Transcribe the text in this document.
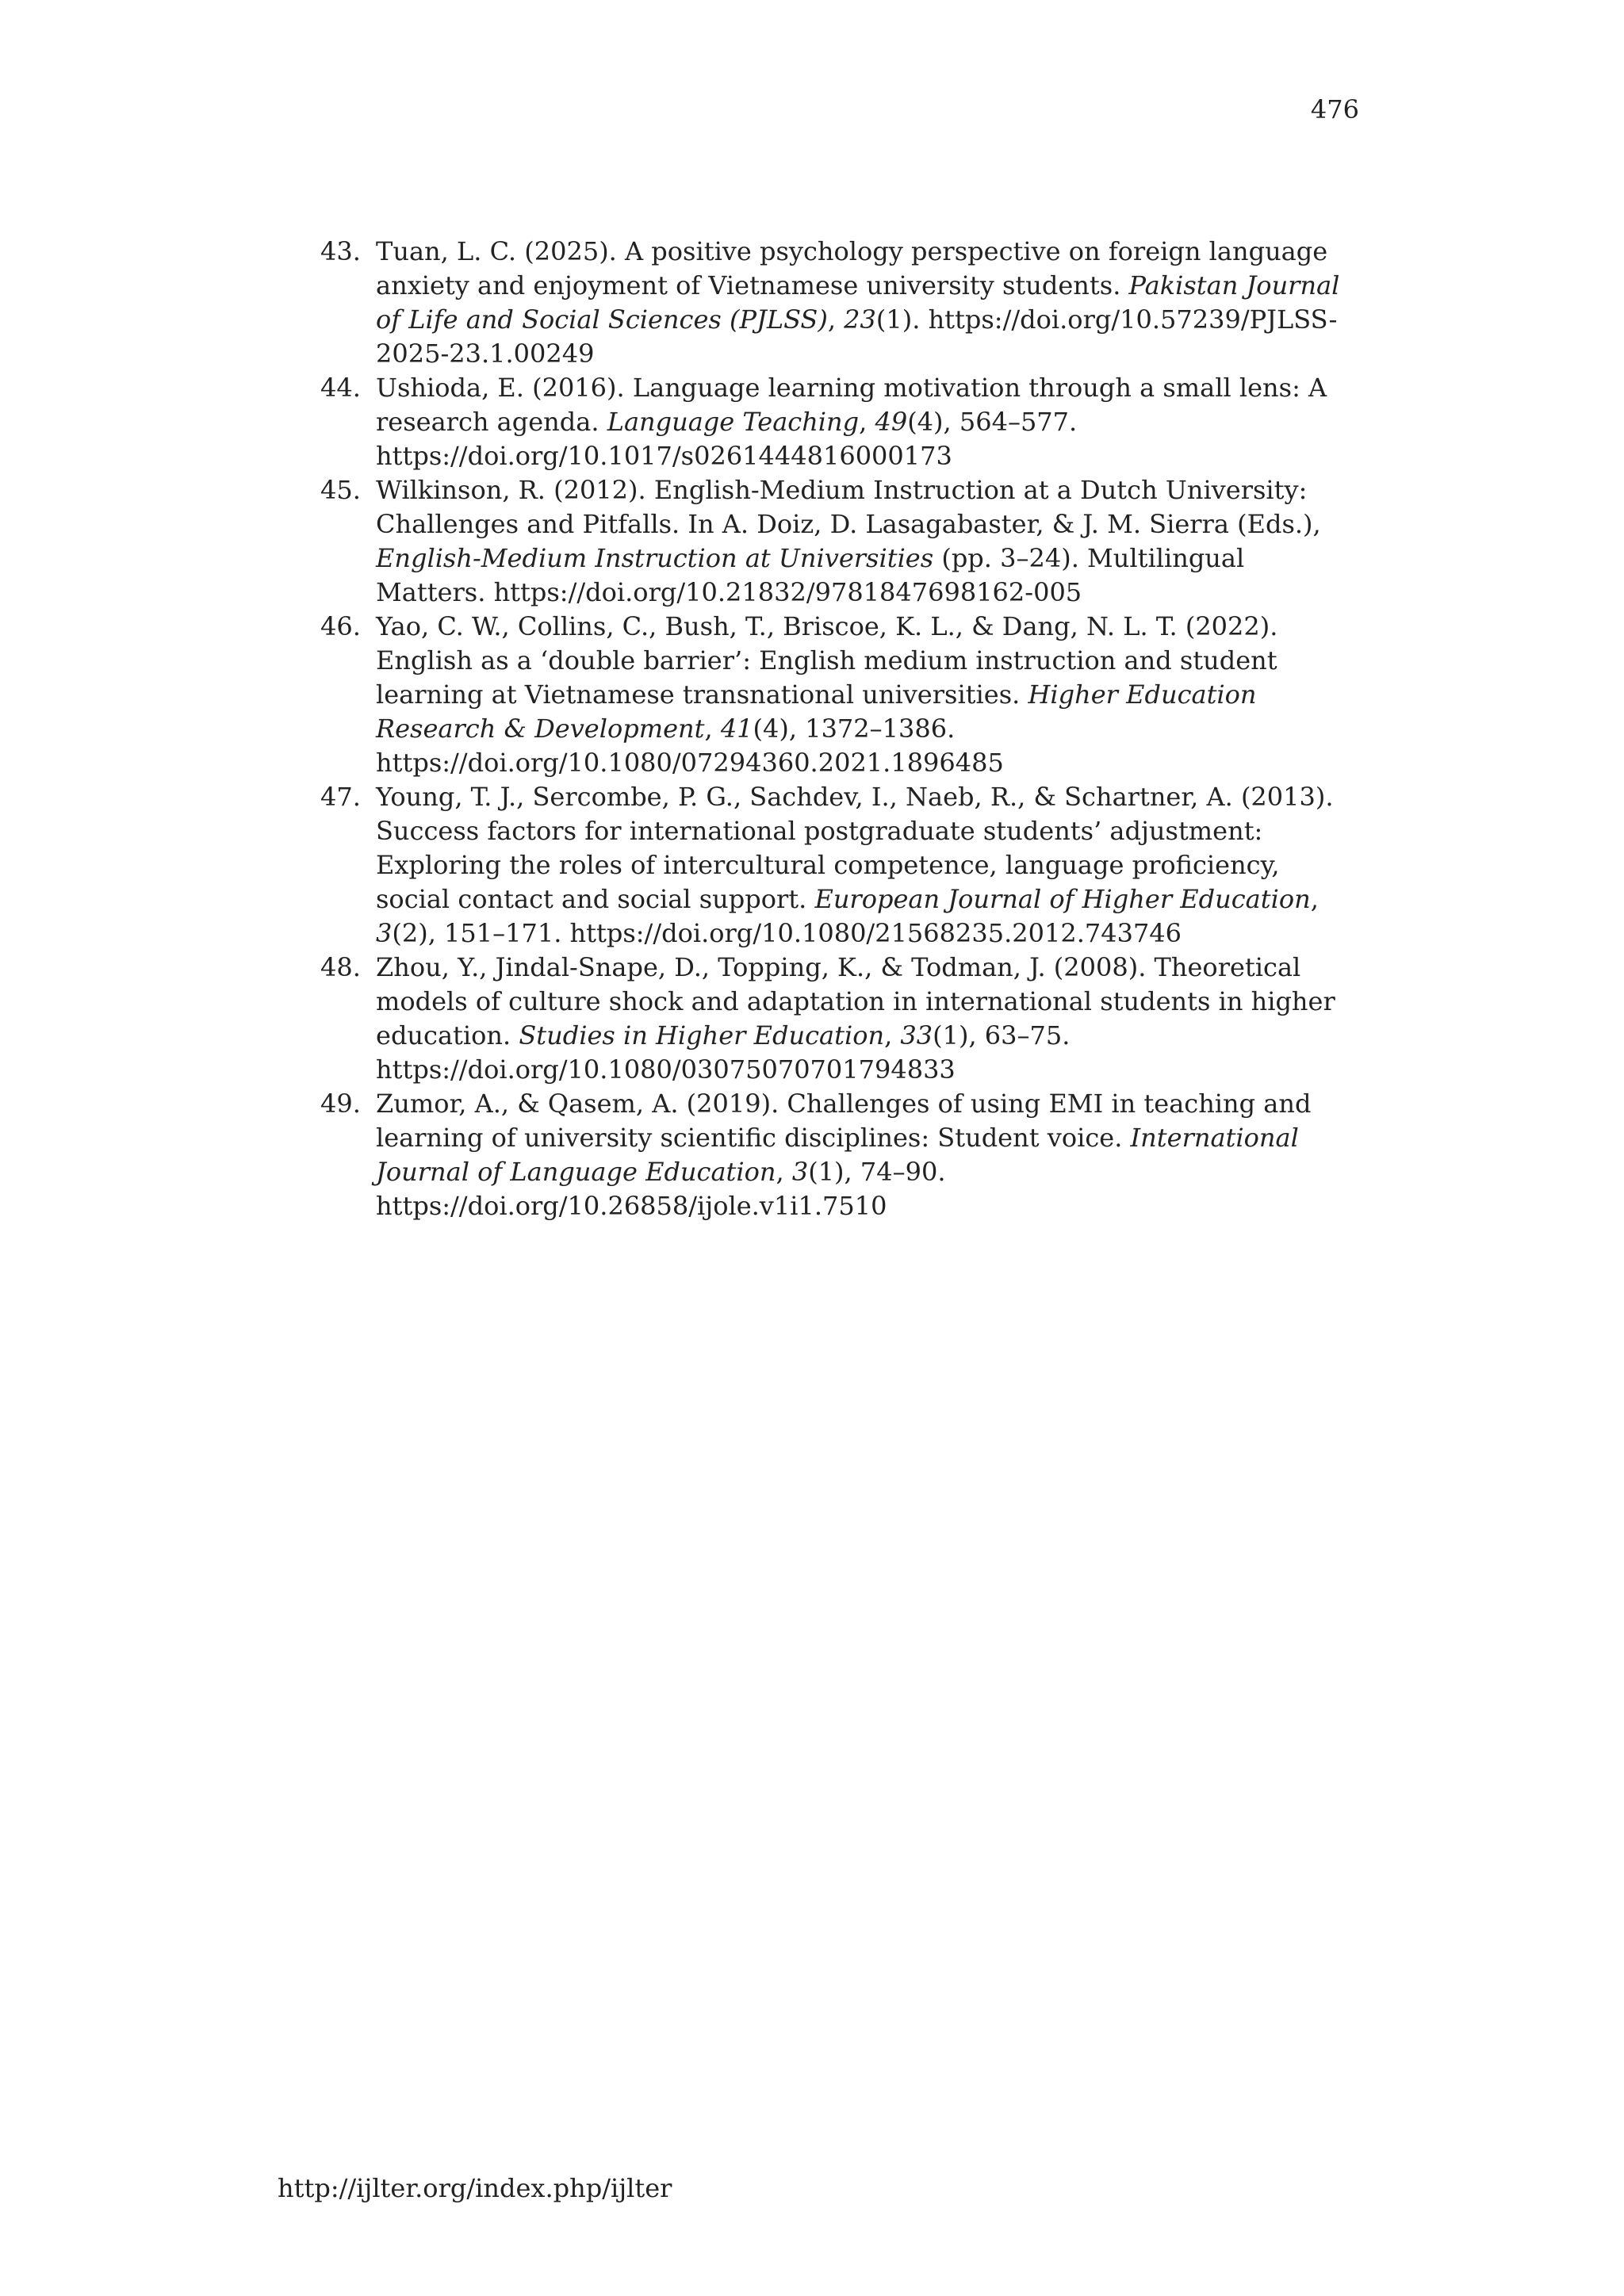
476
43. Tuan, L. C. (2025). A positive psychology perspective on foreign language anxiety and enjoyment of Vietnamese university students. Pakistan Journal of Life and Social Sciences (PJLSS), 23(1). https://doi.org/10.57239/PJLSS-2025-23.1.00249
44. Ushioda, E. (2016). Language learning motivation through a small lens: A research agenda. Language Teaching, 49(4), 564–577. https://doi.org/10.1017/s0261444816000173
45. Wilkinson, R. (2012). English-Medium Instruction at a Dutch University: Challenges and Pitfalls. In A. Doiz, D. Lasagabaster, & J. M. Sierra (Eds.), English-Medium Instruction at Universities (pp. 3–24). Multilingual Matters. https://doi.org/10.21832/9781847698162-005
46. Yao, C. W., Collins, C., Bush, T., Briscoe, K. L., & Dang, N. L. T. (2022). English as a ‘double barrier’: English medium instruction and student learning at Vietnamese transnational universities. Higher Education Research & Development, 41(4), 1372–1386. https://doi.org/10.1080/07294360.2021.1896485
47. Young, T. J., Sercombe, P. G., Sachdev, I., Naeb, R., & Schartner, A. (2013). Success factors for international postgraduate students’ adjustment: Exploring the roles of intercultural competence, language proficiency, social contact and social support. European Journal of Higher Education, 3(2), 151–171. https://doi.org/10.1080/21568235.2012.743746
48. Zhou, Y., Jindal-Snape, D., Topping, K., & Todman, J. (2008). Theoretical models of culture shock and adaptation in international students in higher education. Studies in Higher Education, 33(1), 63–75. https://doi.org/10.1080/03075070701794833
49. Zumor, A., & Qasem, A. (2019). Challenges of using EMI in teaching and learning of university scientific disciplines: Student voice. International Journal of Language Education, 3(1), 74–90. https://doi.org/10.26858/ijole.v1i1.7510
http://ijlter.org/index.php/ijlter
